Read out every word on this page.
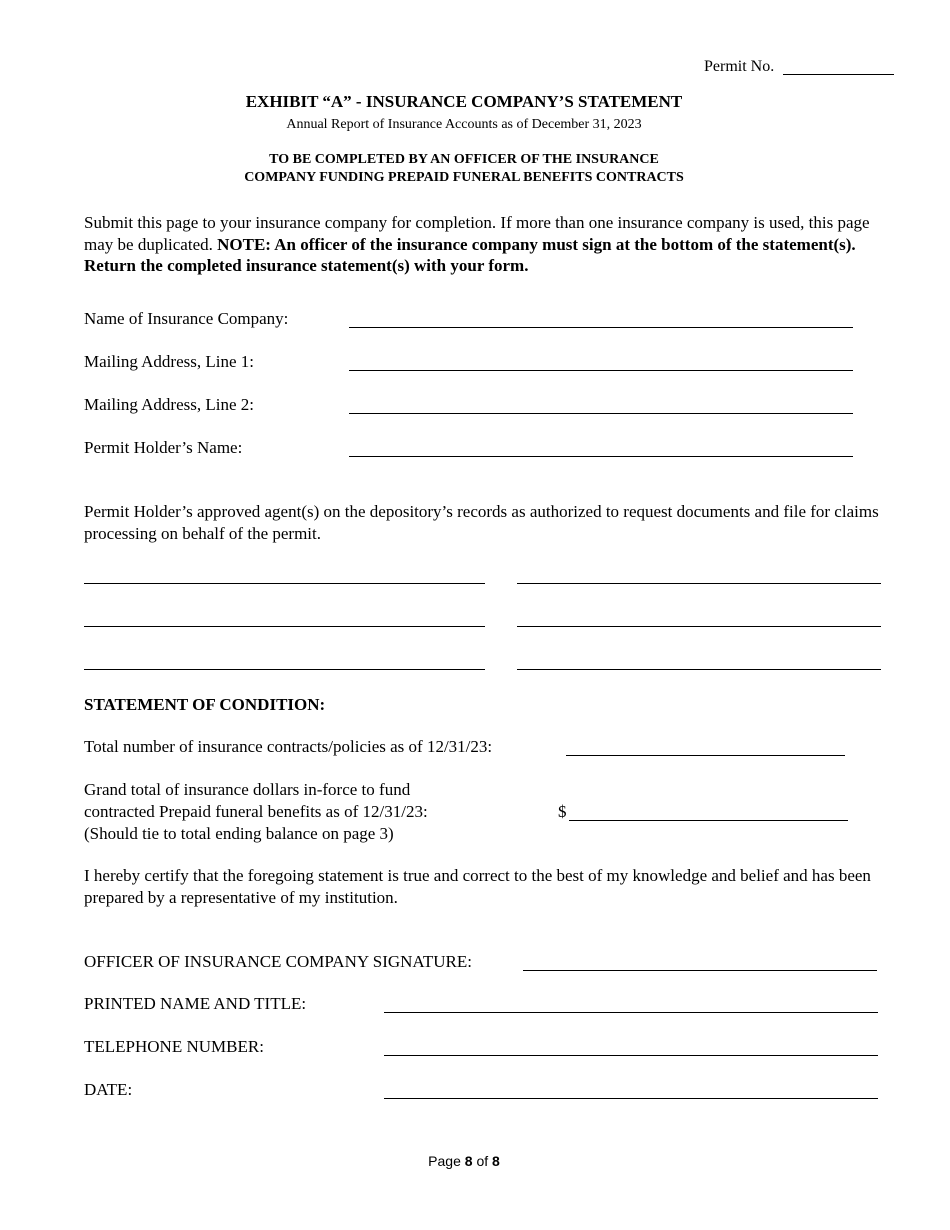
Permit No.
EXHIBIT “A” - INSURANCE COMPANY’S STATEMENT
Annual Report of Insurance Accounts as of December 31, 2023
TO BE COMPLETED BY AN OFFICER OF THE INSURANCE
COMPANY FUNDING PREPAID FUNERAL BENEFITS CONTRACTS
Submit this page to your insurance company for completion. If more than one insurance company is used, this page may be duplicated. NOTE: An officer of the insurance company must sign at the bottom of the statement(s). Return the completed insurance statement(s) with your form.
Name of Insurance Company:
Mailing Address, Line 1:
Mailing Address, Line 2:
Permit Holder’s Name:
Permit Holder’s approved agent(s) on the depository’s records as authorized to request documents and file for claims processing on behalf of the permit.
STATEMENT OF CONDITION:
Total number of insurance contracts/policies as of 12/31/23:
Grand total of insurance dollars in-force to fund
contracted Prepaid funeral benefits as of 12/31/23:
(Should tie to total ending balance on page 3)
$
I hereby certify that the foregoing statement is true and correct to the best of my knowledge and belief and has been prepared by a representative of my institution.
OFFICER OF INSURANCE COMPANY SIGNATURE:
PRINTED NAME AND TITLE:
TELEPHONE NUMBER:
DATE:
Page 8 of 8
